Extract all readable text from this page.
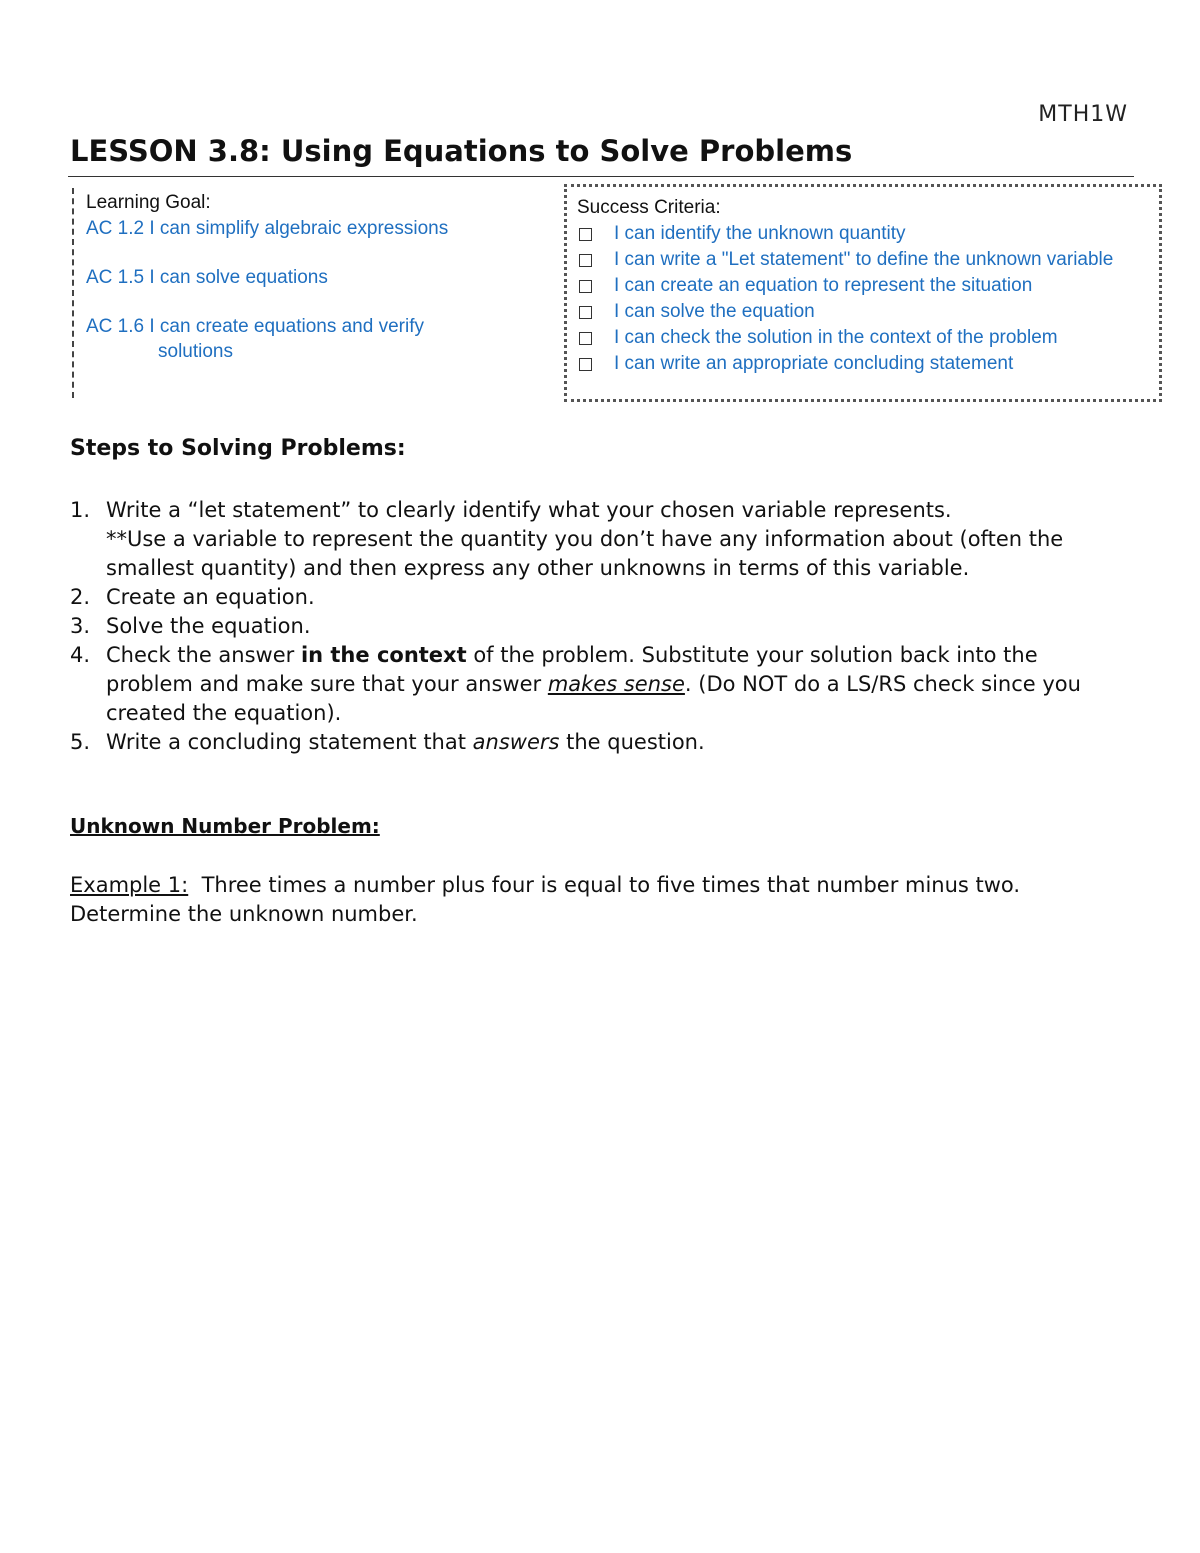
MTH1W
LESSON 3.8: Using Equations to Solve Problems
Learning Goal:
AC 1.2 I can simplify algebraic expressions
AC 1.5 I can solve equations
AC 1.6 I can create equations and verify
solutions
Success Criteria:
I can identify the unknown quantity
I can write a "Let statement" to define the unknown variable
I can create an equation to represent the situation
I can solve the equation
I can check the solution in the context of the problem
I can write an appropriate concluding statement
Steps to Solving Problems:
1. Write a “let statement” to clearly identify what your chosen variable represents.
**Use a variable to represent the quantity you don’t have any information about (often the smallest quantity) and then express any other unknowns in terms of this variable.
2. Create an equation.
3. Solve the equation.
4. Check the answer in the context of the problem. Substitute your solution back into the problem and make sure that your answer makes sense. (Do NOT do a LS/RS check since you created the equation).
5. Write a concluding statement that answers the question.
Unknown Number Problem:
Example 1:  Three times a number plus four is equal to five times that number minus two. Determine the unknown number.
